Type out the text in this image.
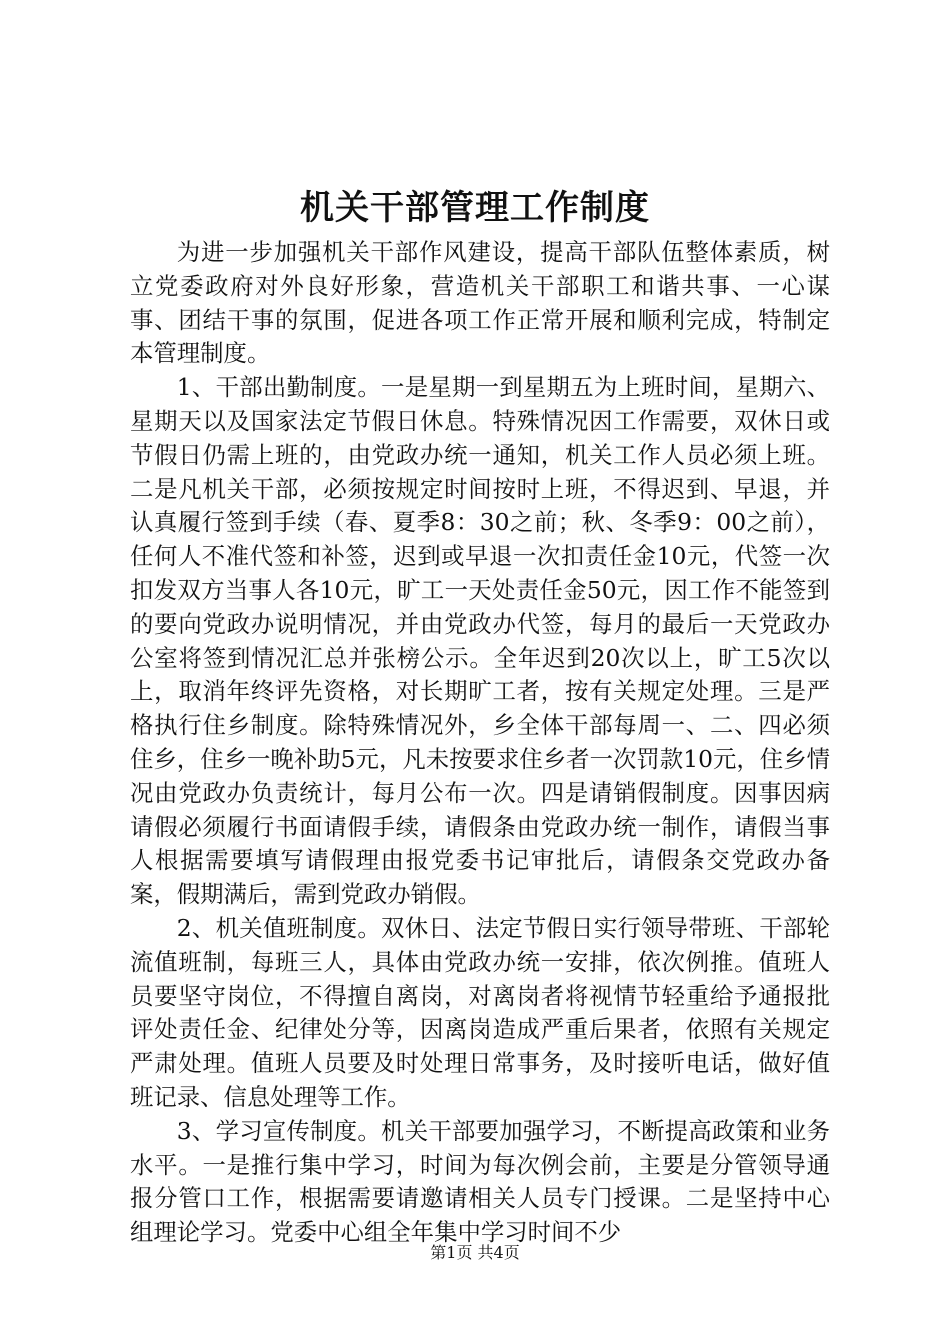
机关干部管理工作制度

为进一步加强机关干部作风建设，提高干部队伍整体素质，树立党委政府对外良好形象，营造机关干部职工和谐共事、一心谋事、团结干事的氛围，促进各项工作正常开展和顺利完成，特制定本管理制度。

1、干部出勤制度。一是星期一到星期五为上班时间，星期六、星期天以及国家法定节假日休息。特殊情况因工作需要，双休日或节假日仍需上班的，由党政办统一通知，机关工作人员必须上班。二是凡机关干部，必须按规定时间按时上班，不得迟到、早退，并认真履行签到手续（春、夏季8：30之前；秋、冬季9：00之前），任何人不准代签和补签，迟到或早退一次扣责任金10元，代签一次扣发双方当事人各10元，旷工一天处责任金50元，因工作不能签到的要向党政办说明情况，并由党政办代签，每月的最后一天党政办公室将签到情况汇总并张榜公示。全年迟到20次以上，旷工5次以上，取消年终评先资格，对长期旷工者，按有关规定处理。三是严格执行住乡制度。除特殊情况外，乡全体干部每周一、二、四必须住乡，住乡一晚补助5元，凡未按要求住乡者一次罚款10元，住乡情况由党政办负责统计，每月公布一次。四是请销假制度。因事因病请假必须履行书面请假手续，请假条由党政办统一制作，请假当事人根据需要填写请假理由报党委书记审批后，请假条交党政办备案，假期满后，需到党政办销假。

2、机关值班制度。双休日、法定节假日实行领导带班、干部轮流值班制，每班三人，具体由党政办统一安排，依次例推。值班人员要坚守岗位，不得擅自离岗，对离岗者将视情节轻重给予通报批评处责任金、纪律处分等，因离岗造成严重后果者，依照有关规定严肃处理。值班人员要及时处理日常事务，及时接听电话，做好值班记录、信息处理等工作。

3、学习宣传制度。机关干部要加强学习，不断提高政策和业务水平。一是推行集中学习，时间为每次例会前，主要是分管领导通报分管口工作，根据需要请邀请相关人员专门授课。二是坚持中心组理论学习。党委中心组全年集中学习时间不少

第1页 共4页
